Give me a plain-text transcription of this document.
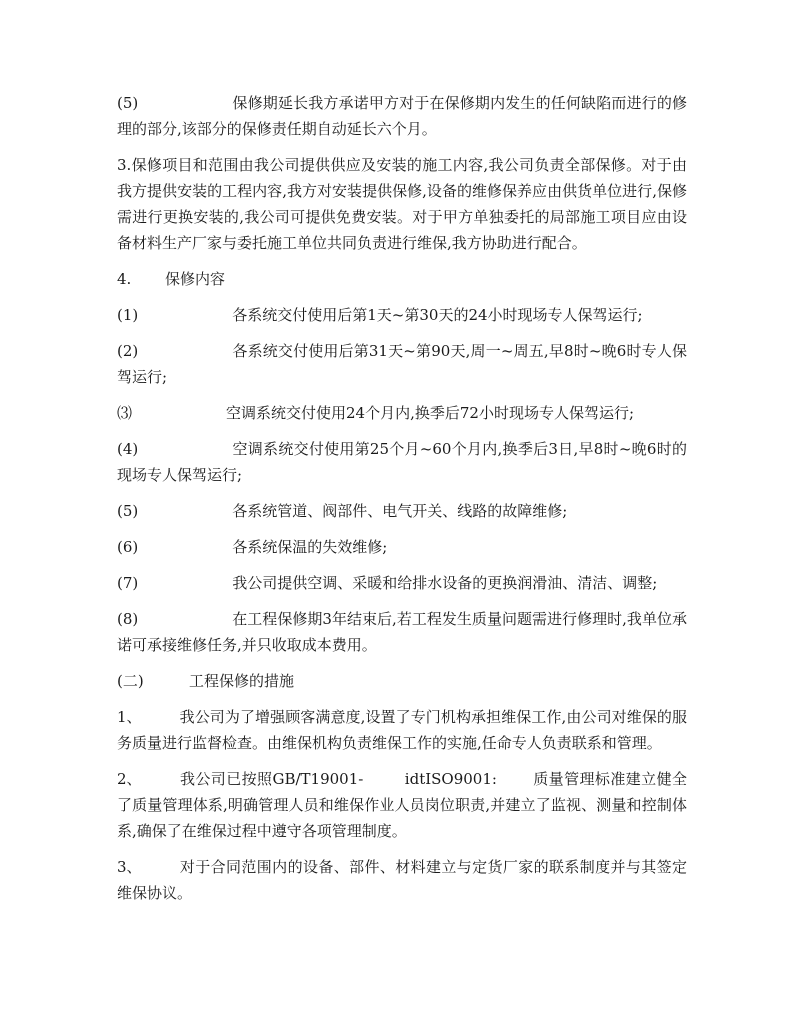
(5)	保修期延长我方承诺甲方对于在保修期内发生的任何缺陷而进行的修理的部分,该部分的保修责任期自动延长六个月。

3.保修项目和范围由我公司提供供应及安装的施工内容,我公司负责全部保修。对于由我方提供安装的工程内容,我方对安装提供保修,设备的维修保养应由供货单位进行,保修需进行更换安装的,我公司可提供免费安装。对于甲方单独委托的局部施工项目应由设备材料生产厂家与委托施工单位共同负责进行维保,我方协助进行配合。

4. 保修内容

(1)	各系统交付使用后第1天~第30天的24小时现场专人保驾运行;

(2)	各系统交付使用后第31天~第90天,周一~周五,早8时~晚6时专人保驾运行;

⑶	空调系统交付使用24个月内,换季后72小时现场专人保驾运行;

(4)	空调系统交付使用第25个月~60个月内,换季后3日,早8时~晚6时的现场专人保驾运行;

(5)	各系统管道、阀部件、电气开关、线路的故障维修;

(6)	各系统保温的失效维修;

(7)	我公司提供空调、采暖和给排水设备的更换润滑油、清洁、调整;

(8)	在工程保修期3年结束后,若工程发生质量问题需进行修理时,我单位承诺可承接维修任务,并只收取成本费用。

(二)	工程保修的措施

1、	我公司为了增强顾客满意度,设置了专门机构承担维保工作,由公司对维保的服务质量进行监督检查。由维保机构负责维保工作的实施,任命专人负责联系和管理。

2、	我公司已按照GB/T19001-        idtISO9001:       质量管理标准建立健全了质量管理体系,明确管理人员和维保作业人员岗位职责,并建立了监视、测量和控制体系,确保了在维保过程中遵守各项管理制度。

3、	对于合同范围内的设备、部件、材料建立与定货厂家的联系制度并与其签定维保协议。
